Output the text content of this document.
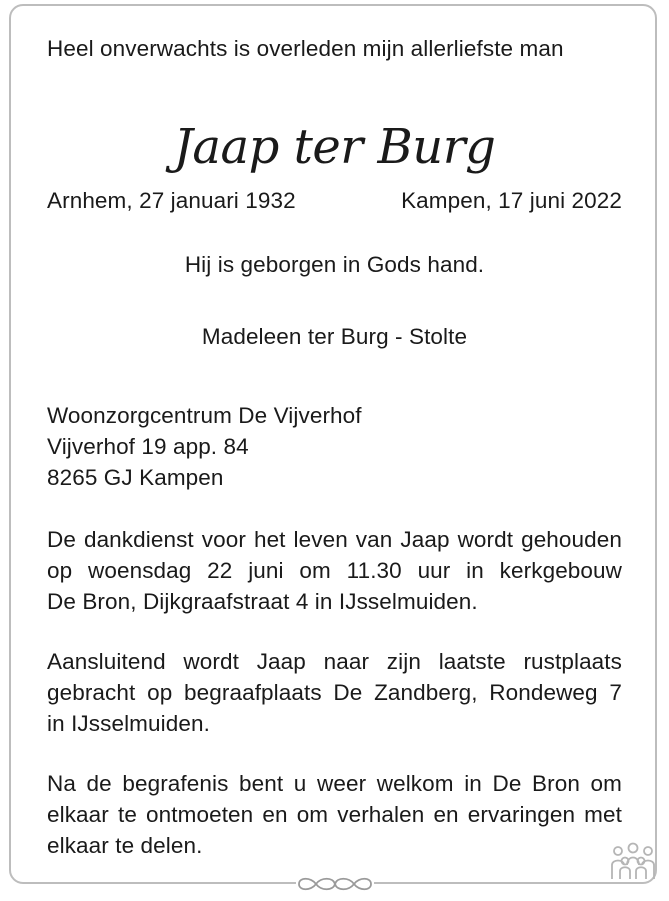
Heel onverwachts is overleden mijn allerliefste man

Jaap ter Burg
Arnhem, 27 januari 1932	Kampen, 17 juni 2022

Hij is geborgen in Gods hand.

Madeleen ter Burg - Stolte

Woonzorgcentrum De Vijverhof
Vijverhof 19 app. 84
8265 GJ Kampen
De dankdienst voor het leven van Jaap wordt gehouden
op woensdag 22 juni om 11.30 uur in kerkgebouw
De Bron, Dijkgraafstraat 4 in IJsselmuiden.
Aansluitend wordt Jaap naar zijn laatste rustplaats
gebracht op begraafplaats De Zandberg, Rondeweg 7
in IJsselmuiden.
Na de begrafenis bent u weer welkom in De Bron om
elkaar te ontmoeten en om verhalen en ervaringen met
elkaar te delen.
